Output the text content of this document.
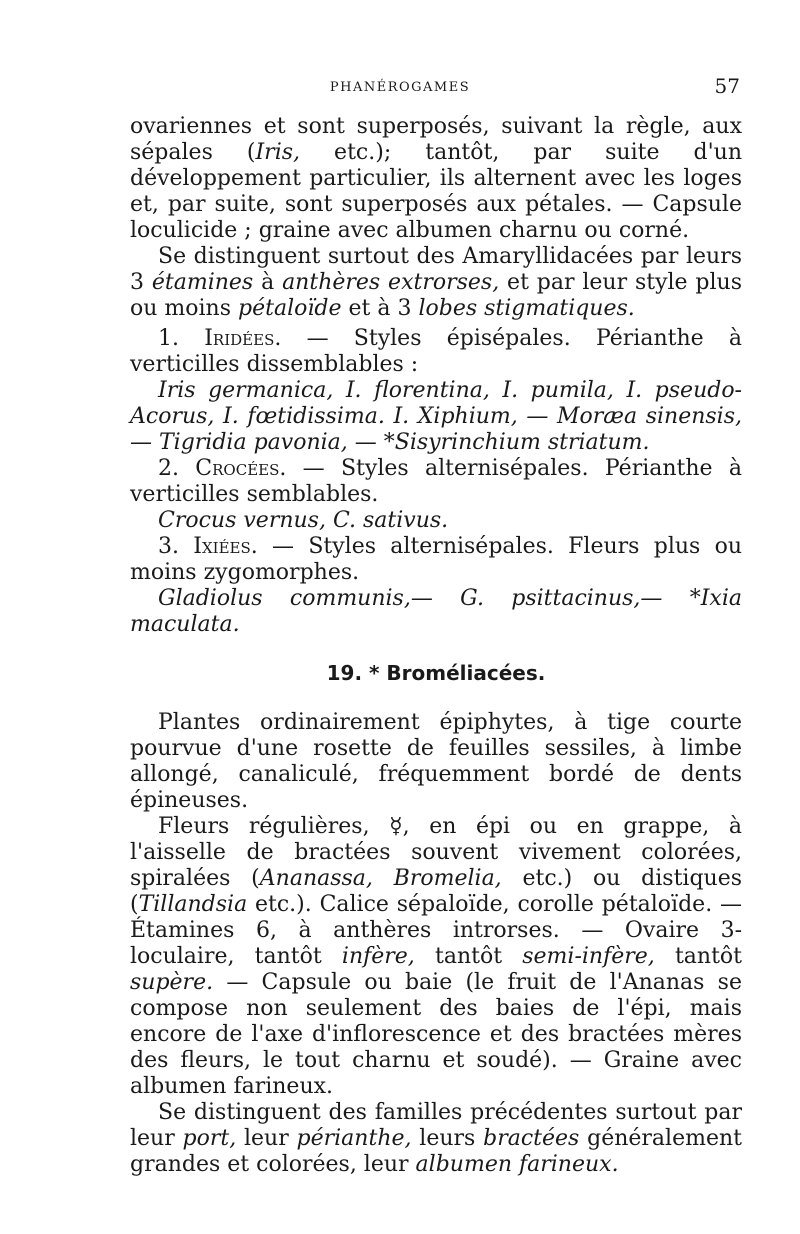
PHANÉROGAMES	57

ovariennes et sont superposés, suivant la règle, aux sépales (Iris, etc.); tantôt, par suite d'un développement particulier, ils alternent avec les loges et, par suite, sont superposés aux pétales. — Capsule loculicide ; graine avec albumen charnu ou corné.

Se distinguent surtout des Amaryllidacées par leurs 3 étamines à anthères extrorses, et par leur style plus ou moins pétaloïde et à 3 lobes stigmatiques.

1. Iridées. — Styles épisépales. Périanthe à verticilles dissemblables :

Iris germanica, I. florentina, I. pumila, I. pseudo-Acorus, I. fœtidissima. I. Xiphium, — Moræa sinensis, — Tigridia pavonia, — *Sisyrinchium striatum.

2. Crocées. — Styles alternisépales. Périanthe à verticilles semblables.

Crocus vernus, C. sativus.

3. Ixiées. — Styles alternisépales. Fleurs plus ou moins zygomorphes.

Gladiolus communis,— G. psittacinus,— *Ixia maculata.

19. * Broméliacées.

Plantes ordinairement épiphytes, à tige courte pourvue d'une rosette de feuilles sessiles, à limbe allongé, canaliculé, fréquemment bordé de dents épineuses.

Fleurs régulières, ☿, en épi ou en grappe, à l'aisselle de bractées souvent vivement colorées, spiralées (Ananassa, Bromelia, etc.) ou distiques (Tillandsia etc.). Calice sépaloïde, corolle pétaloïde. — Étamines 6, à anthères introrses. — Ovaire 3-loculaire, tantôt infère, tantôt semi-infère, tantôt supère. — Capsule ou baie (le fruit de l'Ananas se compose non seulement des baies de l'épi, mais encore de l'axe d'inflorescence et des bractées mères des fleurs, le tout charnu et soudé). — Graine avec albumen farineux.

Se distinguent des familles précédentes surtout par leur port, leur périanthe, leurs bractées généralement grandes et colorées, leur albumen farineux.
